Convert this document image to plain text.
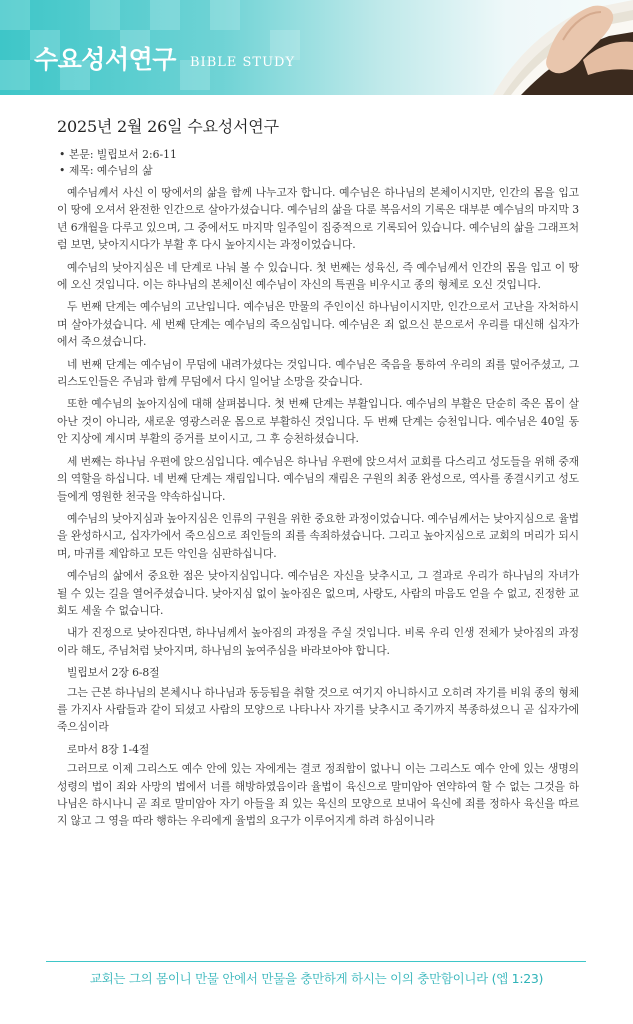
수요성서연구 BIBLE STUDY
2025년 2월 26일 수요성서연구
• 본문: 빌립보서 2:6-11
• 제목: 예수님의 삶

예수님께서 사신 이 땅에서의 삶을 함께 나누고자 합니다. 예수님은 하나님의 본체이시지만, 인간의 몸을 입고 이 땅에 오셔서 완전한 인간으로 살아가셨습니다. 예수님의 삶을 다룬 복음서의 기록은 대부분 예수님의 마지막 3년 6개월을 다루고 있으며, 그 중에서도 마지막 일주일이 집중적으로 기록되어 있습니다. 예수님의 삶을 그래프처럼 보면, 낮아지시다가 부활 후 다시 높아지시는 과정이었습니다.

예수님의 낮아지심은 네 단계로 나눠 볼 수 있습니다. 첫 번째는 성육신, 즉 예수님께서 인간의 몸을 입고 이 땅에 오신 것입니다. 이는 하나님의 본체이신 예수님이 자신의 특권을 비우시고 종의 형체로 오신 것입니다.

두 번째 단계는 예수님의 고난입니다. 예수님은 만물의 주인이신 하나님이시지만, 인간으로서 고난을 자처하시며 살아가셨습니다. 세 번째 단계는 예수님의 죽으심입니다. 예수님은 죄 없으신 분으로서 우리를 대신해 십자가에서 죽으셨습니다.

네 번째 단계는 예수님이 무덤에 내려가셨다는 것입니다. 예수님은 죽음을 통하여 우리의 죄를 덮어주셨고, 그리스도인들은 주님과 함께 무덤에서 다시 일어날 소망을 갖습니다.

또한 예수님의 높아지심에 대해 살펴봅니다. 첫 번째 단계는 부활입니다. 예수님의 부활은 단순히 죽은 몸이 살아난 것이 아니라, 새로운 영광스러운 몸으로 부활하신 것입니다. 두 번째 단계는 승천입니다. 예수님은 40일 동안 지상에 계시며 부활의 증거를 보이시고, 그 후 승천하셨습니다.

세 번째는 하나님 우편에 앉으심입니다. 예수님은 하나님 우편에 앉으셔서 교회를 다스리고 성도들을 위해 중재의 역할을 하십니다. 네 번째 단계는 재림입니다. 예수님의 재림은 구원의 최종 완성으로, 역사를 종결시키고 성도들에게 영원한 천국을 약속하십니다.

예수님의 낮아지심과 높아지심은 인류의 구원을 위한 중요한 과정이었습니다. 예수님께서는 낮아지심으로 율법을 완성하시고, 십자가에서 죽으심으로 죄인들의 죄를 속죄하셨습니다. 그리고 높아지심으로 교회의 머리가 되시며, 마귀를 제압하고 모든 악인을 심판하십니다.

예수님의 삶에서 중요한 점은 낮아지심입니다. 예수님은 자신을 낮추시고, 그 결과로 우리가 하나님의 자녀가 될 수 있는 길을 열어주셨습니다. 낮아지심 없이 높아짐은 없으며, 사랑도, 사람의 마음도 얻을 수 없고, 진정한 교회도 세울 수 없습니다.

내가 진정으로 낮아진다면, 하나님께서 높아짐의 과정을 주실 것입니다. 비록 우리 인생 전체가 낮아짐의 과정이라 해도, 주님처럼 낮아지며, 하나님의 높여주심을 바라보아야 합니다.

빌립보서 2장 6-8절

그는 근본 하나님의 본체시나 하나님과 동등됨을 취할 것으로 여기지 아니하시고 오히려 자기를 비워 종의 형체를 가지사 사람들과 같이 되셨고 사람의 모양으로 나타나사 자기를 낮추시고 죽기까지 복종하셨으니 곧 십자가에 죽으심이라

로마서 8장 1-4절

그러므로 이제 그리스도 예수 안에 있는 자에게는 결코 정죄함이 없나니 이는 그리스도 예수 안에 있는 생명의 성령의 법이 죄와 사망의 법에서 너를 해방하였음이라 율법이 육신으로 말미암아 연약하여 할 수 없는 그것을 하나님은 하시나니 곧 죄로 말미암아 자기 아들을 죄 있는 육신의 모양으로 보내어 육신에 죄를 정하사 육신을 따르지 않고 그 영을 따라 행하는 우리에게 율법의 요구가 이루어지게 하려 하심이니라

교회는 그의 몸이니 만물 안에서 만물을 충만하게 하시는 이의 충만함이니라 (엡 1:23)
